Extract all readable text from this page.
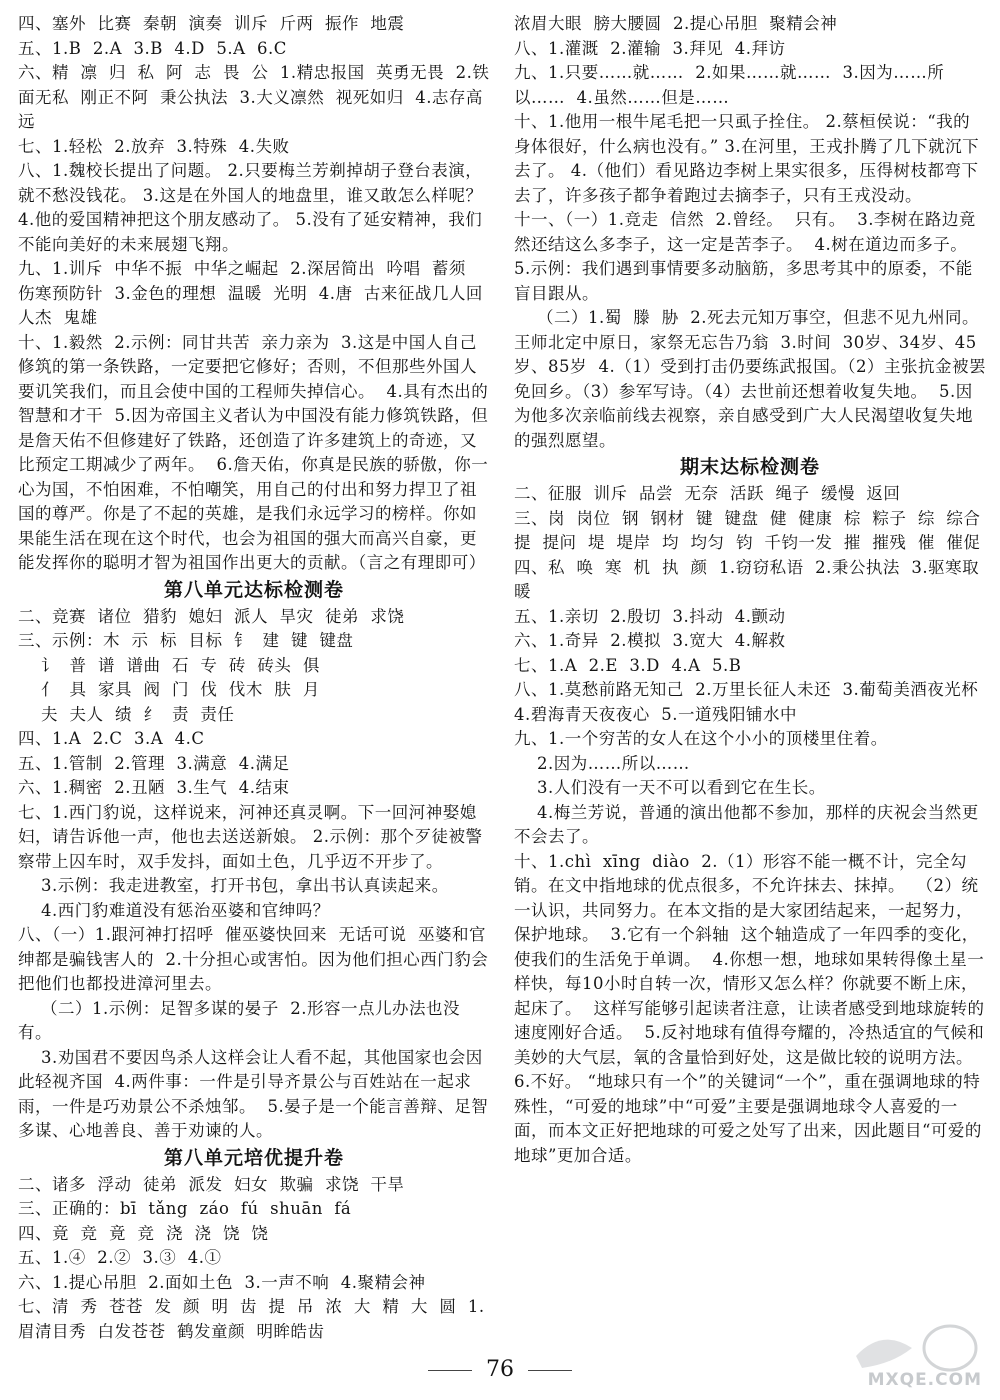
四、塞外  比赛  秦朝  演奏  训斥  斤两  振作  地震

五、1.B  2.A  3.B  4.D  5.A  6.C

六、精  凛  归  私  阿  志  畏  公  1.精忠报国  英勇无畏  2.铁面无私  刚正不阿  秉公执法  3.大义凛然  视死如归  4.志存高远

七、1.轻松  2.放弃  3.特殊  4.失败

八、1.魏校长提出了问题。 2.只要梅兰芳剃掉胡子登台表演，就不愁没钱花。 3.这是在外国人的地盘里，谁又敢怎么样呢？ 4.他的爱国精神把这个朋友感动了。 5.没有了延安精神，我们不能向美好的未来展翅飞翔。

九、1.训斥  中华不振  中华之崛起  2.深居简出  吟唱  蓄须  伤寒预防针  3.金色的理想  温暖  光明  4.唐  古来征战几人回  人杰  鬼雄

十、1.毅然  2.示例：同甘共苦  亲力亲为  3.这是中国人自己修筑的第一条铁路，一定要把它修好；否则，不但那些外国人要讥笑我们，而且会使中国的工程师失掉信心。  4.具有杰出的智慧和才干  5.因为帝国主义者认为中国没有能力修筑铁路，但是詹天佑不但修建好了铁路，还创造了许多建筑上的奇迹，又比预定工期减少了两年。  6.詹天佑，你真是民族的骄傲，你一心为国，不怕困难，不怕嘲笑，用自己的付出和努力捍卫了祖国的尊严。你是了不起的英雄，是我们永远学习的榜样。你如果能生活在现在这个时代，也会为祖国的强大而高兴自豪，更能发挥你的聪明才智为祖国作出更大的贡献。（言之有理即可）

第八单元达标检测卷

二、竞赛  诸位  猎豹  媳妇  派人  旱灾  徒弟  求饶

三、示例：木  示  标  目标  钅  建  键  键盘

讠  普  谱  谱曲  石  专  砖  砖头  俱

亻  具  家具  阀  门  伐  伐木  肤  月

夫  夫人  绩  纟  责  责任

四、1.A  2.C  3.A  4.C

五、1.管制  2.管理  3.满意  4.满足

六、1.稠密  2.丑陋  3.生气  4.结束

七、1.西门豹说，这样说来，河神还真灵啊。下一回河神娶媳妇，请告诉他一声，他也去送送新娘。 2.示例：那个歹徒被警察带上囚车时，双手发抖，面如土色，几乎迈不开步了。

3.示例：我走进教室，打开书包，拿出书认真读起来。

4.西门豹难道没有惩治巫婆和官绅吗？

八、（一）1.跟河神打招呼  催巫婆快回来  无话可说  巫婆和官绅都是骗钱害人的  2.十分担心或害怕。因为他们担心西门豹会把他们也都投进漳河里去。

（二）1.示例：足智多谋的晏子  2.形容一点儿办法也没有。

3.劝国君不要因鸟杀人这样会让人看不起，其他国家也会因此轻视齐国  4.两件事：一件是引导齐景公与百姓站在一起求雨，一件是巧劝景公不杀烛邹。  5.晏子是一个能言善辩、足智多谋、心地善良、善于劝谏的人。

第八单元培优提升卷

二、诸多  浮动  徒弟  派发  妇女  欺骗  求饶  干旱

三、正确的：bī  tǎng  záo  fú  shuān  fá

四、竟  竞  竟  竞  浇  浇  饶  饶

五、1.④  2.②  3.③  4.①

六、1.提心吊胆  2.面如土色  3.一声不响  4.聚精会神

七、清  秀  苍苍  发  颜  明  齿  提  吊  浓  大  精  大  圆  1.眉清目秀  白发苍苍  鹤发童颜  明眸皓齿

浓眉大眼  膀大腰圆  2.提心吊胆  聚精会神

八、1.灌溉  2.灌输  3.拜见  4.拜访

九、1.只要……就……  2.如果……就……  3.因为……所以……  4.虽然……但是……

十、1.他用一根牛尾毛把一只虱子拴住。 2.蔡桓侯说：“我的身体很好，什么病也没有。” 3.在河里，王戎扑腾了几下就沉下去了。 4.（他们）看见路边李树上果实很多，压得树枝都弯下去了，许多孩子都争着跑过去摘李子，只有王戎没动。

十一、（一）1.竞走  信然  2.曾经。  只有。  3.李树在路边竟然还结这么多李子，这一定是苦李子。  4.树在道边而多子。 5.示例：我们遇到事情要多动脑筋，多思考其中的原委，不能盲目跟从。

（二）1.蜀  滕  胁  2.死去元知万事空，但悲不见九州同。王师北定中原日，家祭无忘告乃翁  3.时间  30岁、34岁、45岁、85岁  4.（1）受到打击仍要练武报国。（2）主张抗金被罢免回乡。（3）参军写诗。（4）去世前还想着收复失地。  5.因为他多次亲临前线去视察，亲自感受到广大人民渴望收复失地的强烈愿望。

期末达标检测卷

二、征服  训斥  品尝  无奈  活跃  绳子  缓慢  返回

三、岗  岗位  钢  钢材  键  键盘  健  健康  棕  粽子  综  综合  提  提问  堤  堤岸  均  均匀  钧  千钧一发  摧  摧残  催  催促

四、私  唤  寒  机  执  颜  1.窃窃私语  2.秉公执法  3.驱寒取暖

五、1.亲切  2.殷切  3.抖动  4.颤动

六、1.奇异  2.模拟  3.宽大  4.解救

七、1.A  2.E  3.D  4.A  5.B

八、1.莫愁前路无知己  2.万里长征人未还  3.葡萄美酒夜光杯  4.碧海青天夜夜心  5.一道残阳铺水中

九、1.一个穷苦的女人在这个小小的顶楼里住着。

2.因为……所以……

3.人们没有一天不可以看到它在生长。

4.梅兰芳说，普通的演出他都不参加，那样的庆祝会当然更不会去了。

十、1.chì  xīng  diào  2.（1）形容不能一概不计，完全勾销。在文中指地球的优点很多，不允许抹去、抹掉。  （2）统一认识，共同努力。在本文指的是大家团结起来，一起努力，保护地球。  3.它有一个斜轴  这个轴造成了一年四季的变化，使我们的生活免于单调。  4.你想一想，地球如果转得像土星一样快，每10小时自转一次，情形又怎么样？你就要不断上床，起床了。  这样写能够引起读者注意，让读者感受到地球旋转的速度刚好合适。  5.反衬地球有值得夸耀的，冷热适宜的气候和美妙的大气层，氧的含量恰到好处，这是做比较的说明方法。  6.不好。 “地球只有一个”的关键词“一个”，重在强调地球的特殊性，“可爱的地球”中“可爱”主要是强调地球令人喜爱的一面，而本文正好把地球的可爱之处写了出来，因此题目“可爱的地球”更加合适。

76	MXQE.COM
